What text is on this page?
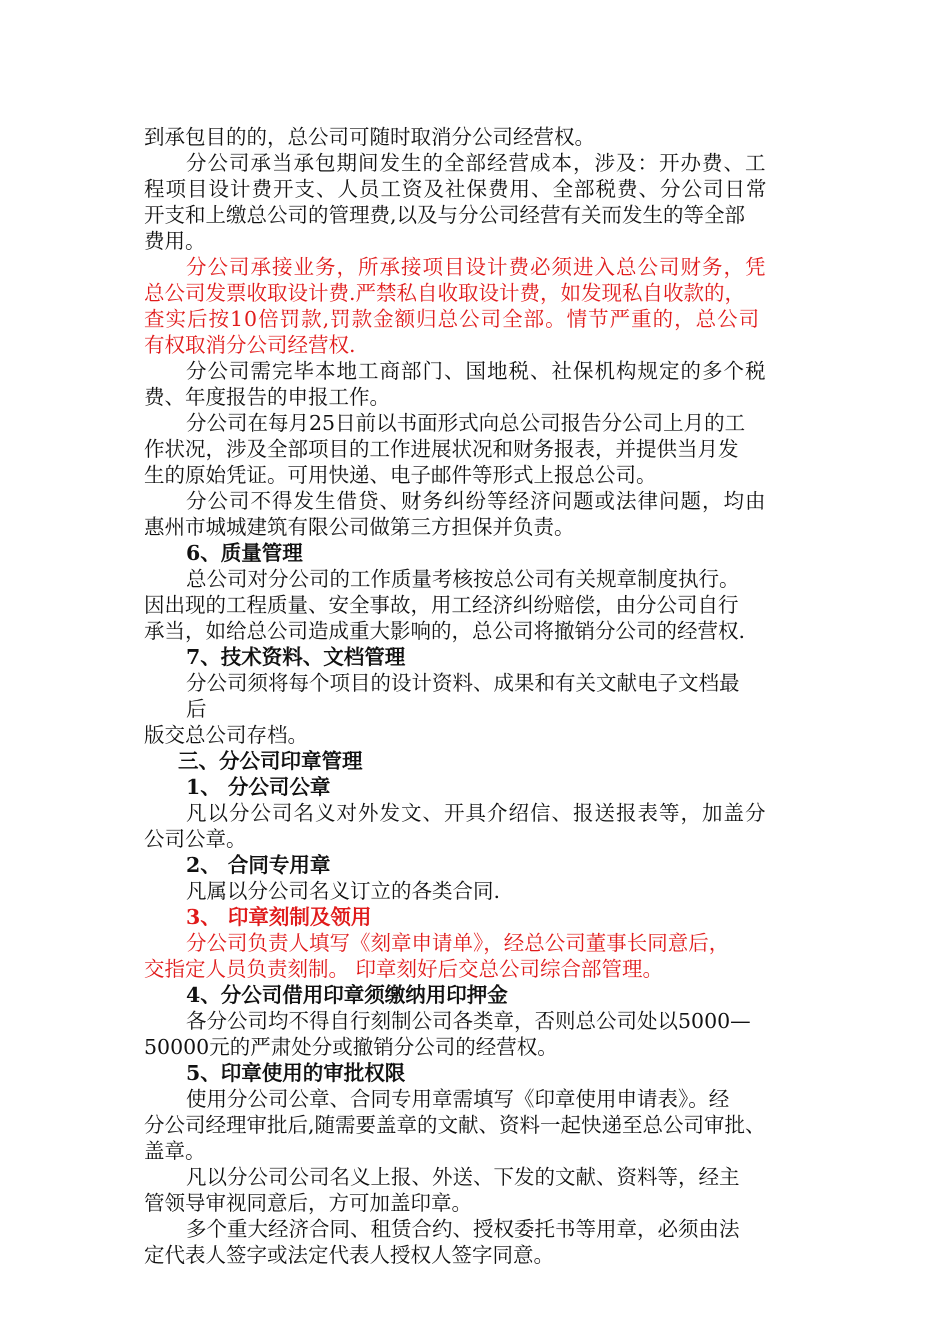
到承包目的的，总公司可随时取消分公司经营权。
分公司承当承包期间发生的全部经营成本，涉及：开办费、工
程项目设计费开支、人员工资及社保费用、全部税费、分公司日常
开支和上缴总公司的管理费,以及与分公司经营有关而发生的等全部
费用。
分公司承接业务，所承接项目设计费必须进入总公司财务，凭
总公司发票收取设计费.严禁私自收取设计费，如发现私自收款的，
查实后按10倍罚款,罚款金额归总公司全部。情节严重的，总公司
有权取消分公司经营权.
分公司需完毕本地工商部门、国地税、社保机构规定的多个税
费、年度报告的申报工作。
分公司在每月25日前以书面形式向总公司报告分公司上月的工
作状况，涉及全部项目的工作进展状况和财务报表，并提供当月发
生的原始凭证。可用快递、电子邮件等形式上报总公司。
分公司不得发生借贷、财务纠纷等经济问题或法律问题，均由
惠州市城城建筑有限公司做第三方担保并负责。
6、质量管理
总公司对分公司的工作质量考核按总公司有关规章制度执行。
因出现的工程质量、安全事故，用工经济纠纷赔偿，由分公司自行
承当，如给总公司造成重大影响的，总公司将撤销分公司的经营权.
7、技术资料、文档管理
分公司须将每个项目的设计资料、成果和有关文献电子文档最
后
版交总公司存档。
三、分公司印章管理
1、 分公司公章
凡以分公司名义对外发文、开具介绍信、报送报表等，加盖分
公司公章。
2、 合同专用章
凡属以分公司名义订立的各类合同.
3、 印章刻制及领用
分公司负责人填写《刻章申请单》，经总公司董事长同意后，
交指定人员负责刻制。 印章刻好后交总公司综合部管理。
4、分公司借用印章须缴纳用印押金
各分公司均不得自行刻制公司各类章，否则总公司处以5000—
50000元的严肃处分或撤销分公司的经营权。
5、印章使用的审批权限
使用分公司公章、合同专用章需填写《印章使用申请表》。经
分公司经理审批后,随需要盖章的文献、资料一起快递至总公司审批、
盖章。
凡以分公司公司名义上报、外送、下发的文献、资料等，经主
管领导审视同意后，方可加盖印章。
多个重大经济合同、租赁合约、授权委托书等用章，必须由法
定代表人签字或法定代表人授权人签字同意。
